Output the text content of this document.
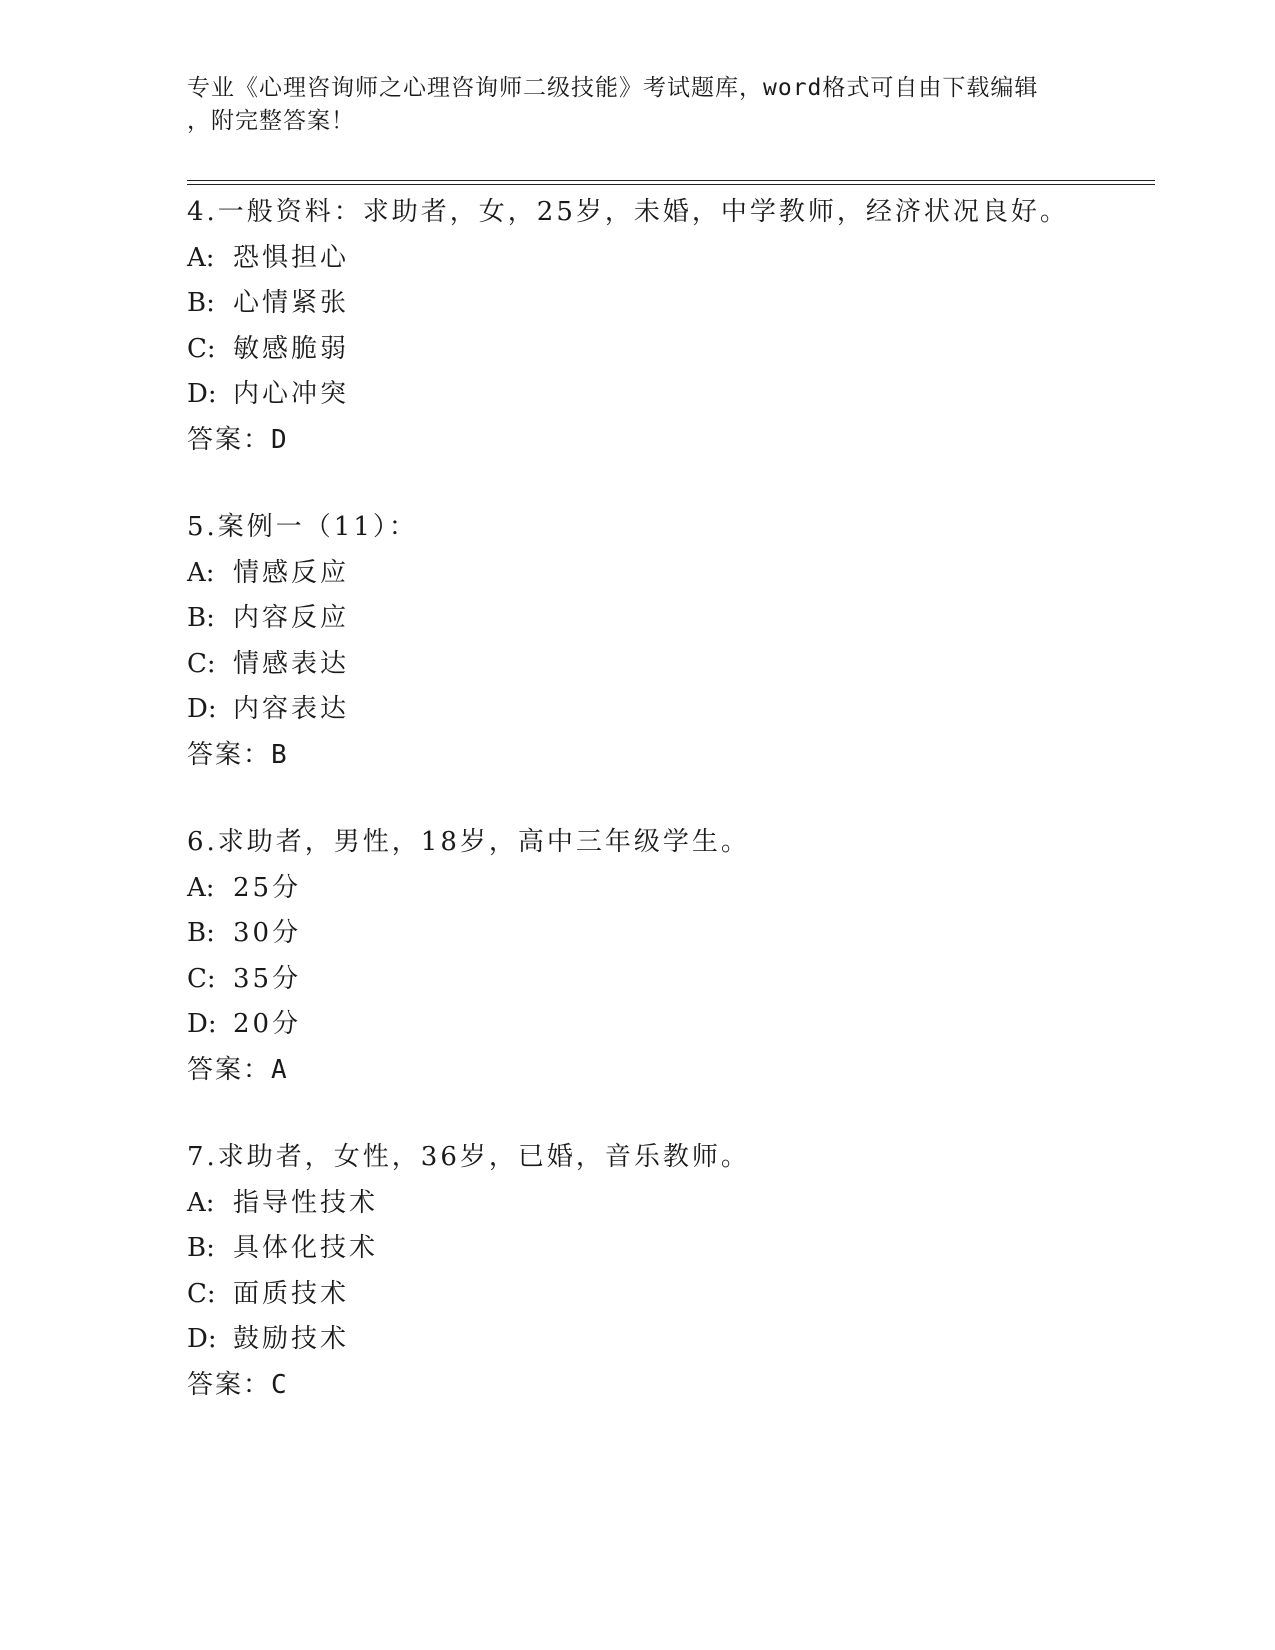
专业《心理咨询师之心理咨询师二级技能》考试题库，word格式可自由下载编辑
，附完整答案！
4.一般资料：求助者，女，25岁，未婚，中学教师，经济状况良好。
A: 恐惧担心
B: 心情紧张
C: 敏感脆弱
D: 内心冲突
答案：D
5.案例一（11）：
A: 情感反应
B: 内容反应
C: 情感表达
D: 内容表达
答案：B
6.求助者，男性，18岁，高中三年级学生。
A: 25分
B: 30分
C: 35分
D: 20分
答案：A
7.求助者，女性，36岁，已婚，音乐教师。
A: 指导性技术
B: 具体化技术
C: 面质技术
D: 鼓励技术
答案：C
